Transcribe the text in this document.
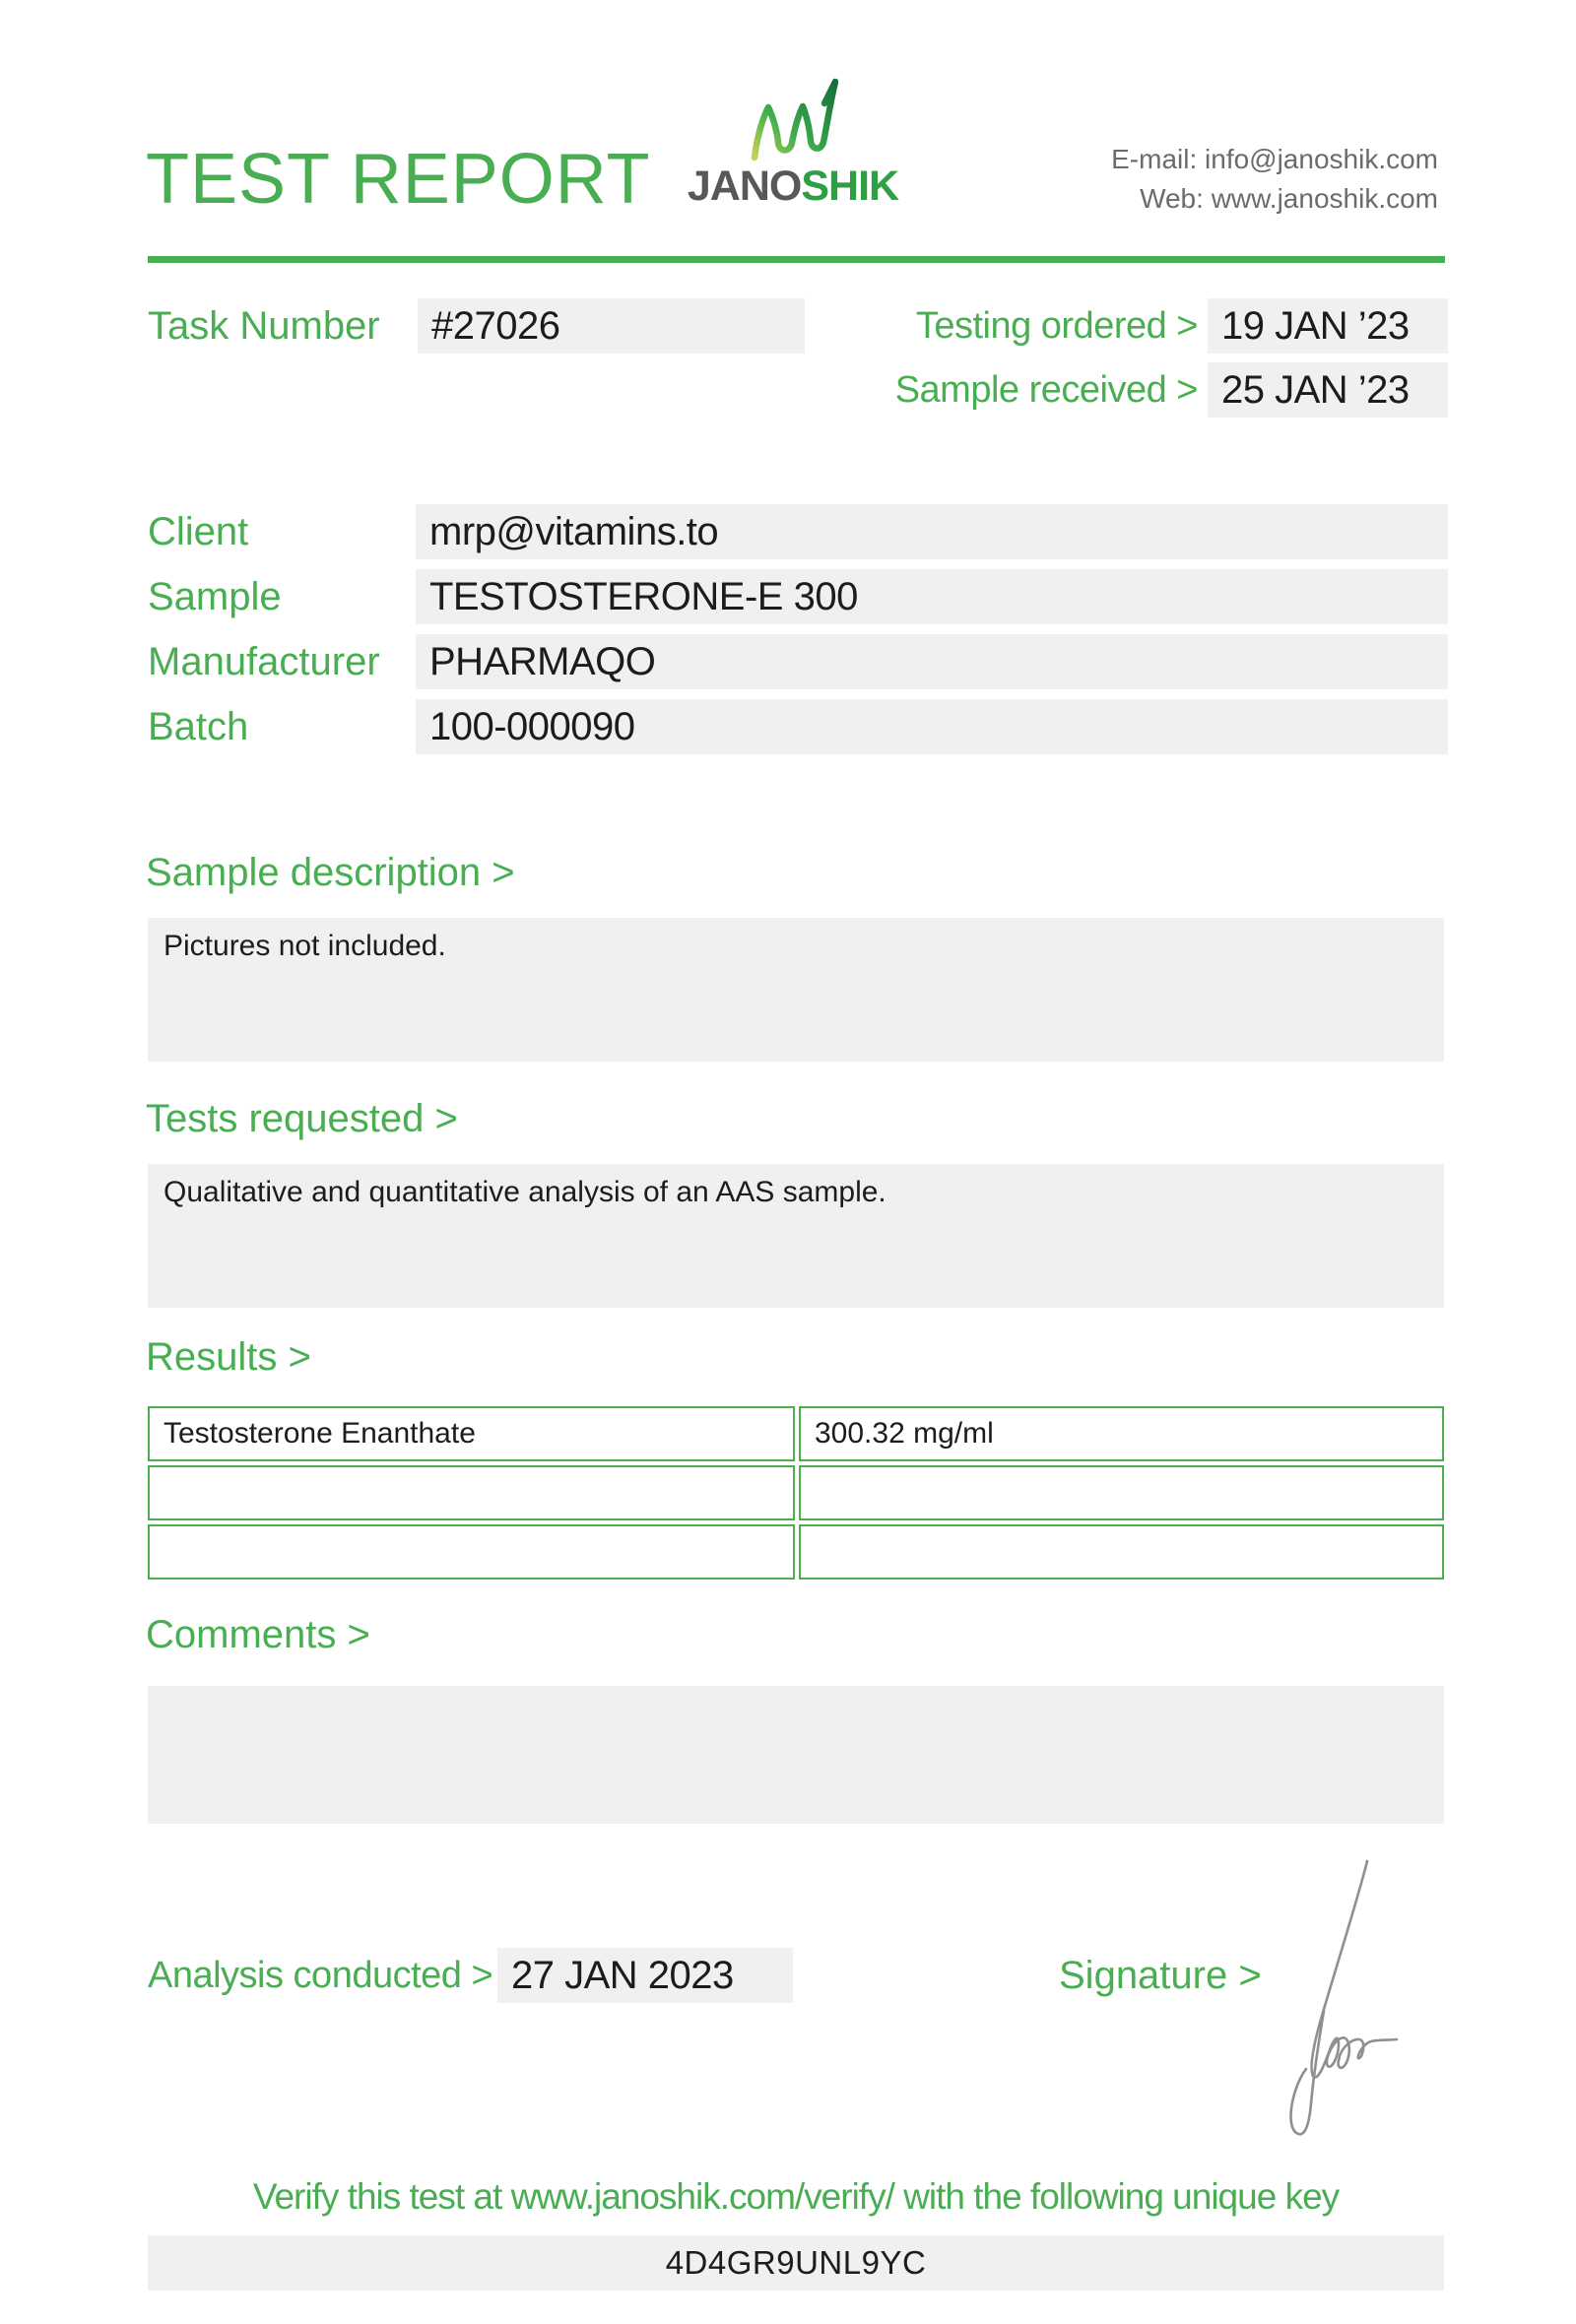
TEST REPORT JANOSHIK
E-mail: info@janoshik.com
Web: www.janoshik.com
Task Number #27026	Testing ordered > 19 JAN ’23
Sample received > 25 JAN ’23
Client	mrp@vitamins.to
Sample	TESTOSTERONE-E 300
Manufacturer PHARMAQO
Batch	100-000090
Sample description >
Pictures not included.
Tests requested >
Qualitative and quantitative analysis of an AAS sample.
Results >
Testosterone Enanthate	300.32 mg/ml
Comments >
Analysis conducted > 27 JAN 2023	Signature >
Verify this test at www.janoshik.com/verify/ with the following unique key
4D4GR9UNL9YC
